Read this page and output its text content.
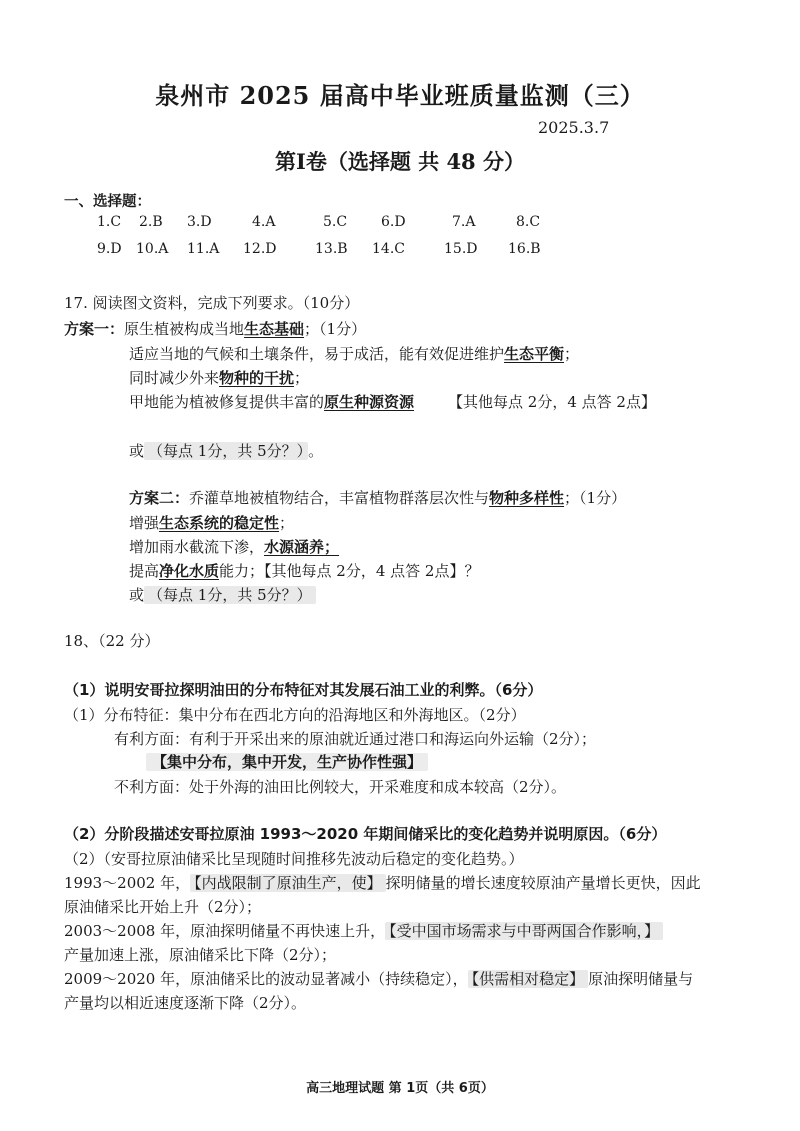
泉州市 2025 届高中毕业班质量监测（三）
2025.3.7
第Ⅰ卷（选择题 共 48 分）
一、选择题：
1.C 2.B 3.D	4.A	5.C 6.D	7.A	8.C
9.D 10.A 11.A 12.D	13.B 14.C	15.D 16.B
17. 阅读图文资料，完成下列要求。（10分）
方案一：原生植被构成当地生态基础；（1分）
适应当地的气候和土壤条件，易于成活，能有效促进维护生态平衡；
同时减少外来物种的干扰；
甲地能为植被修复提供丰富的原生种源资源 【其他每点 2分，4 点答 2点】
或 （每点 1分，共 5分？） 。
方案二：乔灌草地被植物结合，丰富植物群落层次性与物种多样性；（1分）
增强生态系统的稳定性；
增加雨水截流下渗，水源涵养；
提高净化水质能力；【其他每点 2分，4 点答 2点】？
或 （每点 1分，共 5分？）
18、（22 分）
（1）说明安哥拉探明油田的分布特征对其发展石油工业的利弊。（6分）
（1）分布特征：集中分布在西北方向的沿海地区和外海地区。（2分）
有利方面：有利于开采出来的原油就近通过港口和海运向外运输（2分）；
【集中分布，集中开发，生产协作性强】
不利方面：处于外海的油田比例较大，开采难度和成本较高（2分）。
（2）分阶段描述安哥拉原油 1993～2020 年期间储采比的变化趋势并说明原因。（6分）
（2）（安哥拉原油储采比呈现随时间推移先波动后稳定的变化趋势。）
1993～2002 年， 【内战限制了原油生产，使】 探明储量的增长速度较原油产量增长更快，因此
原油储采比开始上升（2分）；
2003～2008 年，原油探明储量不再快速上升， 【受中国市场需求与中哥两国合作影响，】
产量加速上涨，原油储采比下降（2分）；
2009～2020 年，原油储采比的波动显著减小（持续稳定）， 【供需相对稳定】 原油探明储量与
产量均以相近速度逐渐下降（2分）。
高三地理试题 第 1页（共 6页）
